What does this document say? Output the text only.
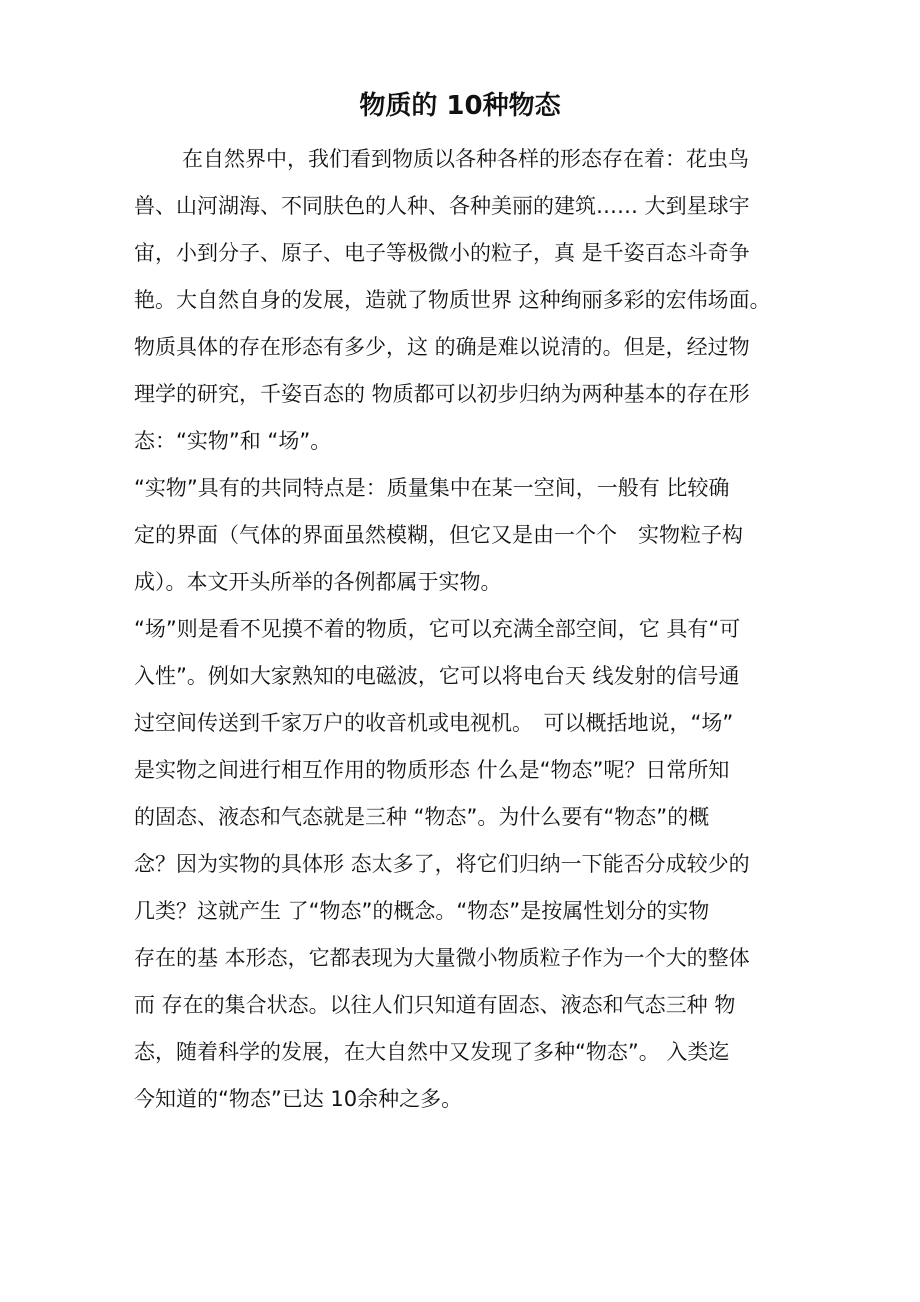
物质的 10种物态
在自然界中，我们看到物质以各种各样的形态存在着：花虫鸟
兽、山河湖海、不同肤色的人种、各种美丽的建筑…… 大到星球宇
宙，小到分子、原子、电子等极微小的粒子，真 是千姿百态斗奇争
艳。大自然自身的发展，造就了物质世界 这种绚丽多彩的宏伟场面。
物质具体的存在形态有多少，这 的确是难以说清的。但是，经过物
理学的研究，千姿百态的 物质都可以初步归纳为两种基本的存在形
态：“实物”和 “场”。
“实物”具有的共同特点是：质量集中在某一空间，一般有 比较确
定的界面（气体的界面虽然模糊，但它又是由一个个　实物粒子构
成）。本文开头所举的各例都属于实物。
“场”则是看不见摸不着的物质，它可以充满全部空间，它 具有“可
入性”。例如大家熟知的电磁波，它可以将电台天 线发射的信号通
过空间传送到千家万户的收音机或电视机。　可以概括地说，“场”
是实物之间进行相互作用的物质形态 什么是“物态”呢？日常所知
的固态、液态和气态就是三种 “物态”。为什么要有“物态”的概
念？因为实物的具体形 态太多了，将它们归纳一下能否分成较少的
几类？这就产生 了“物态”的概念。“物态”是按属性划分的实物
存在的基 本形态，它都表现为大量微小物质粒子作为一个大的整体
而 存在的集合状态。以往人们只知道有固态、液态和气态三种 物
态，随着科学的发展，在大自然中又发现了多种“物态”。 入类迄
今知道的“物态”已达 10余种之多。
